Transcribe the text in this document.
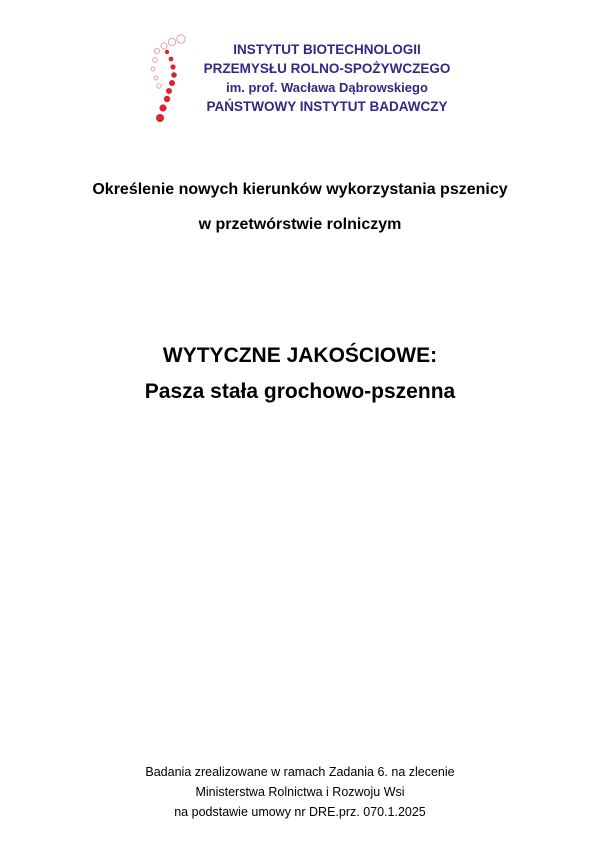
INSTYTUT BIOTECHNOLOGII
PRZEMYSŁU ROLNO-SPOŻYWCZEGO
im. prof. Wacława Dąbrowskiego
PAŃSTWOWY INSTYTUT BADAWCZY
Określenie nowych kierunków wykorzystania pszenicy
w przetwórstwie rolniczym
WYTYCZNE JAKOŚCIOWE:
Pasza stała grochowo-pszenna
Badania zrealizowane w ramach Zadania 6. na zlecenie
Ministerstwa Rolnictwa i Rozwoju Wsi
na podstawie umowy nr DRE.prz. 070.1.2025
